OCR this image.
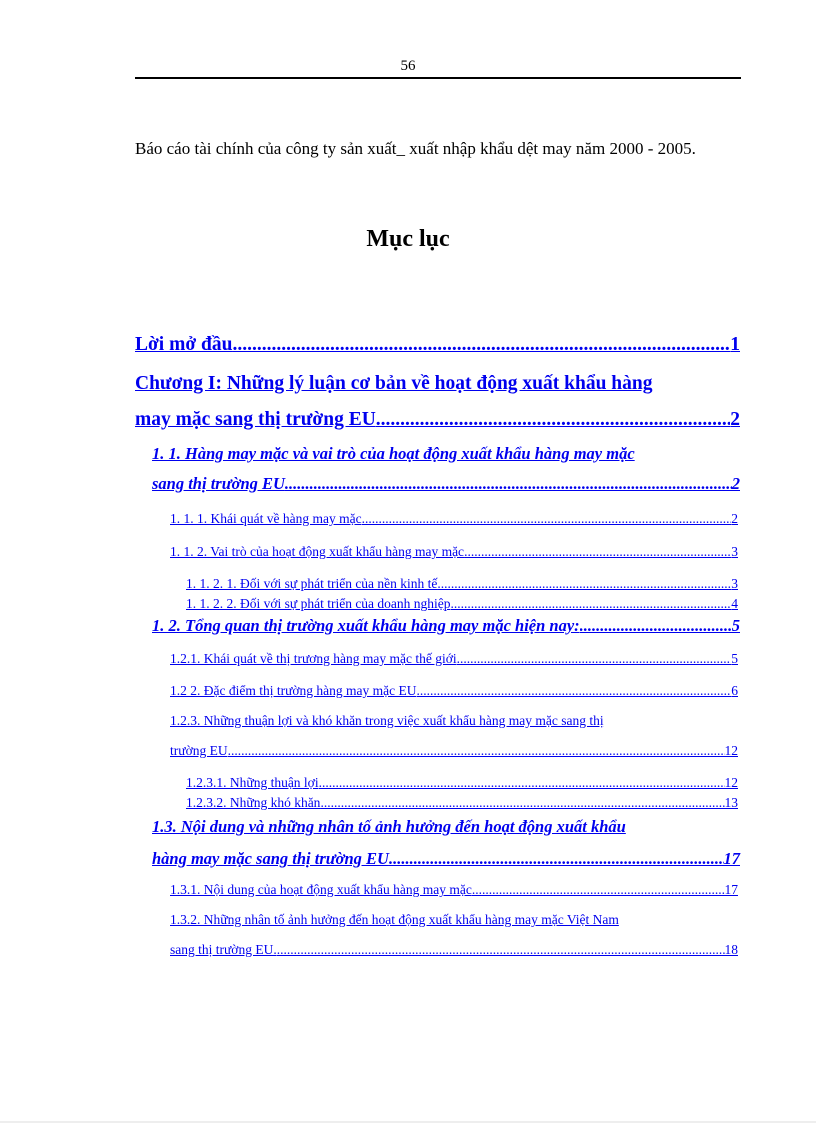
56
Báo cáo tài chính của công ty sản xuất_ xuất nhập khẩu dệt may năm 2000 - 2005.
Mục lục
Lời mở đầu .....	1
Chương I: Những lý luận cơ bản về hoạt động xuất khẩu hàng
may mặc sang thị trường EU .....	2
1. 1. Hàng may mặc và vai trò của hoạt động xuất khẩu hàng may mặc
sang thị trường EU .....	2
1. 1. 1. Khái quát về hàng may mặc .....	2
1. 1. 2. Vai trò của hoạt động xuất khẩu hàng may mặc .....	3
1. 1. 2. 1. Đối với sự phát triển của nền kinh tế .....	3
1. 1. 2. 2. Đối với sự phát triển của doanh nghiệp .....	4
1. 2. Tổng quan thị trường xuất khẩu hàng may mặc hiện nay: .....	5
1.2.1. Khái quát về thị trương hàng may mặc thế giới .....	5
1.2 2. Đặc điểm thị trường hàng may mặc EU .....	6
1.2.3. Những thuận lợi và khó khăn trong việc xuất khẩu hàng may mặc sang thị
trường EU .....	12
1.2.3.1. Những thuận lợi .....	12
1.2.3.2. Những khó khăn .....	13
1.3. Nội dung và những nhân tố ảnh hưởng đến hoạt động xuất khẩu
hàng may mặc sang thị trường EU .....	17
1.3.1. Nội dung của hoạt động xuất khẩu hàng may mặc .....	17
1.3.2. Những nhân tố ảnh hưởng đến hoạt động xuất khẩu hàng may mặc Việt Nam
sang thị trường EU. .....	18
